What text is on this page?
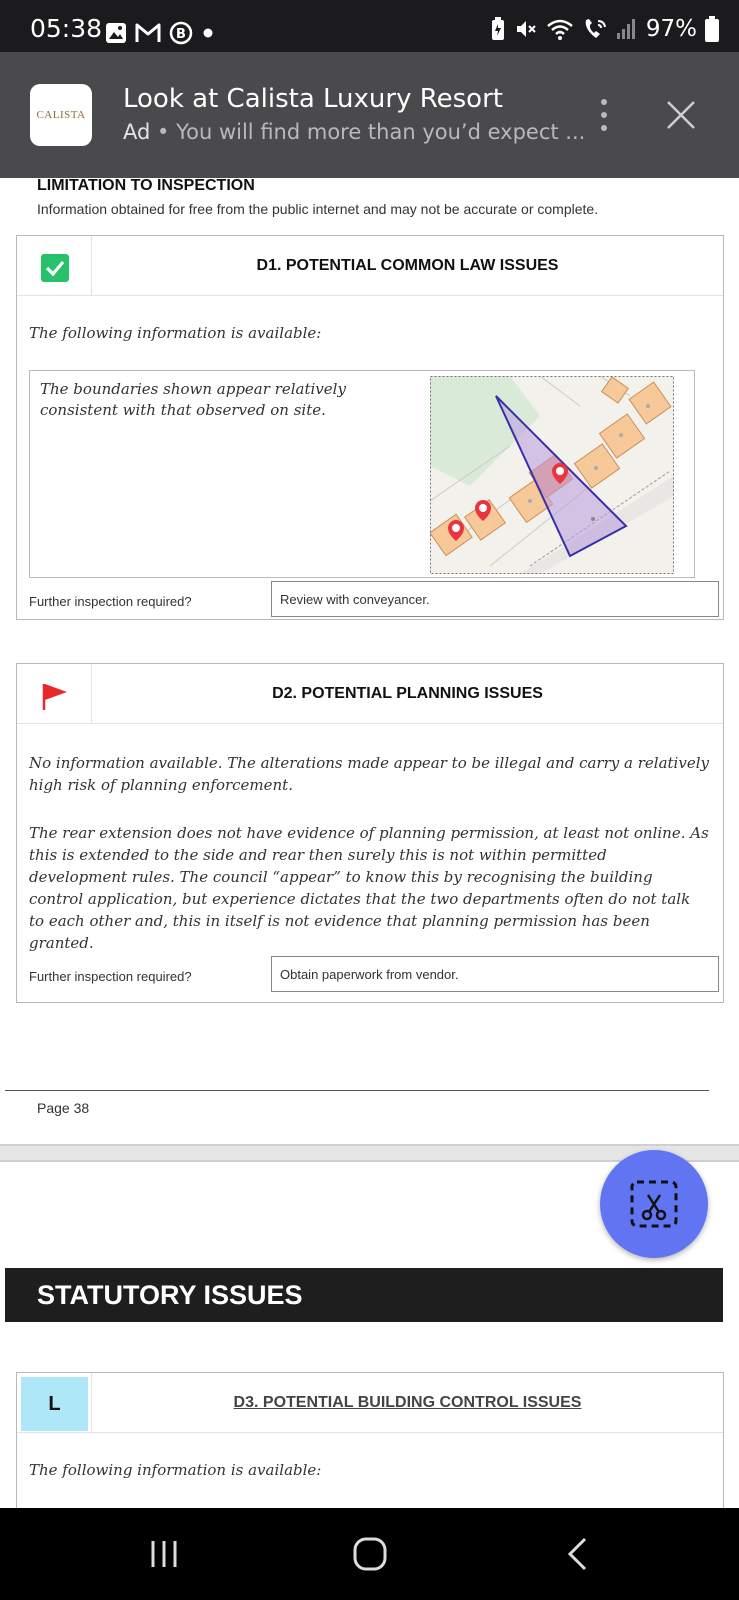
05:38	B	97%
CALISTA
Look at Calista Luxury Resort
Ad • You will find more than you’d expect ...
LIMITATION TO INSPECTION
Information obtained for free from the public internet and may not be accurate or complete.
D1. POTENTIAL COMMON LAW ISSUES
The following information is available:
The boundaries shown appear relatively consistent with that observed on site.
Further inspection required?	Review with conveyancer.
D2. POTENTIAL PLANNING ISSUES
No information available. The alterations made appear to be illegal and carry a relatively high risk of planning enforcement.
The rear extension does not have evidence of planning permission, at least not online. As this is extended to the side and rear then surely this is not within permitted development rules. The council “appear” to know this by recognising the building control application, but experience dictates that the two departments often do not talk to each other and, this in itself is not evidence that planning permission has been granted.
Further inspection required?	Obtain paperwork from vendor.
Page 38
STATUTORY ISSUES
L	D3. POTENTIAL BUILDING CONTROL ISSUES
The following information is available:
